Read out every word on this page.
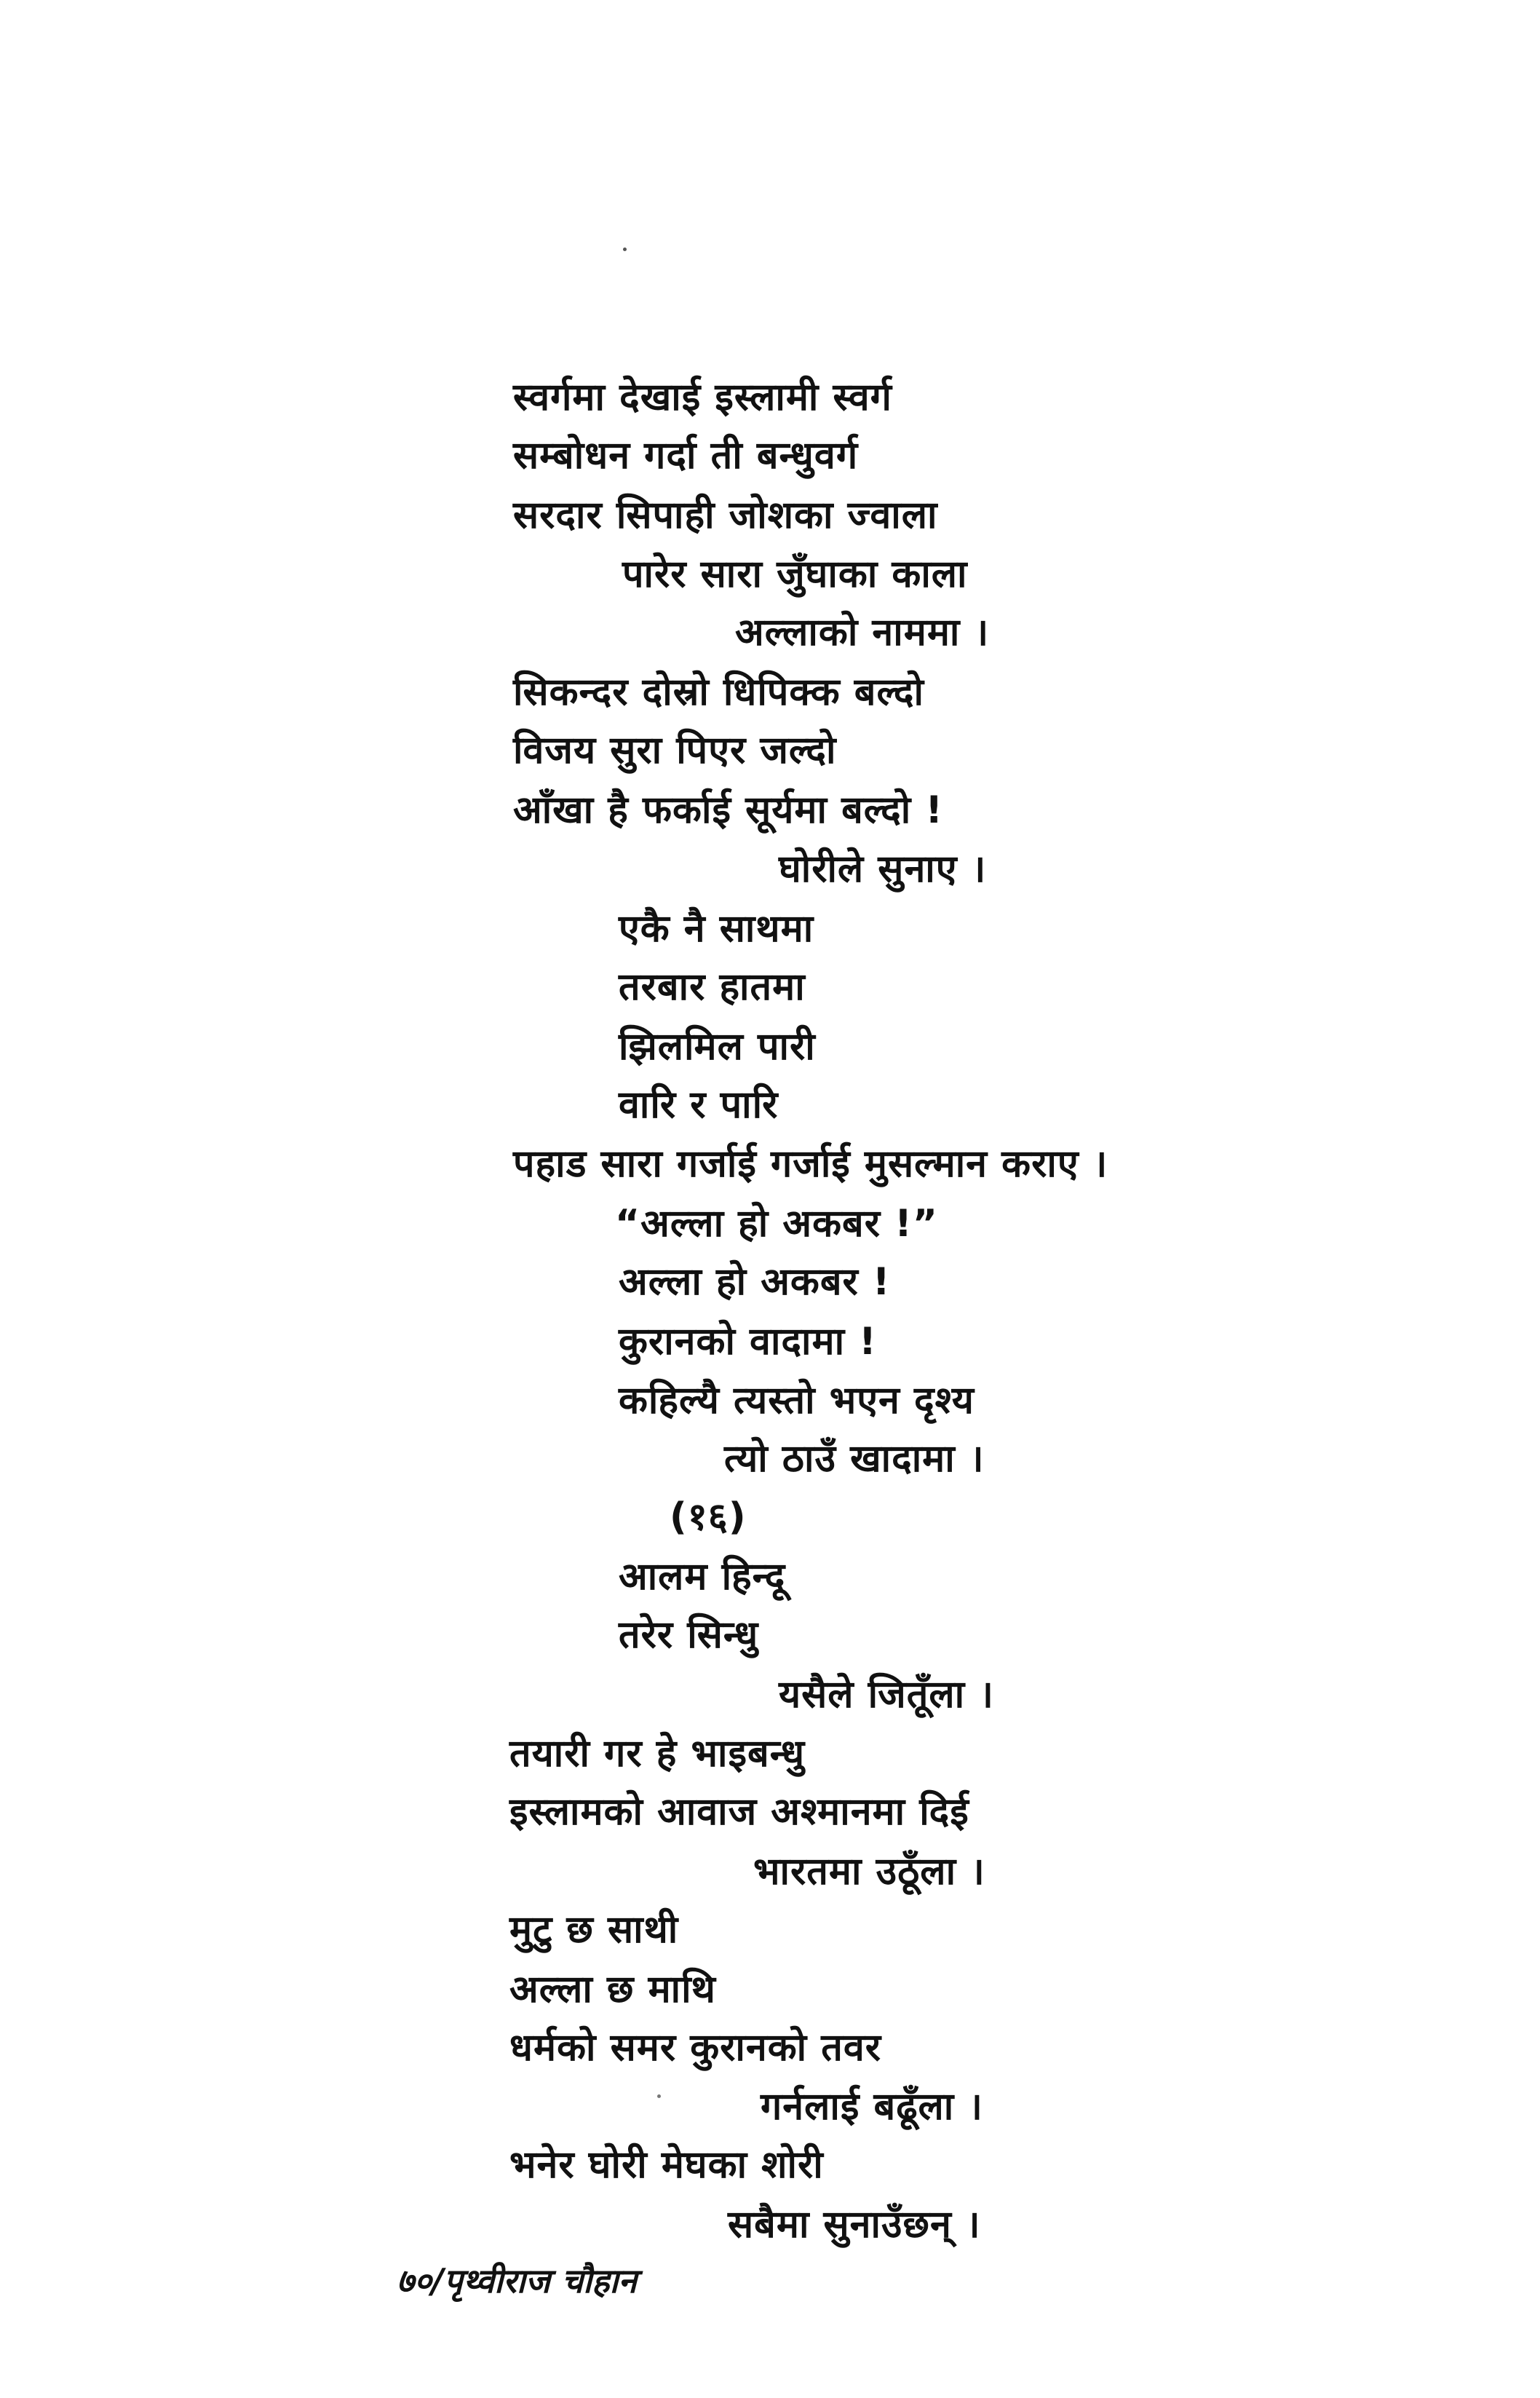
स्वर्गमा देखाई इस्लामी स्वर्ग
सम्बोधन गर्दा ती बन्धुवर्ग
सरदार सिपाही जोशका ज्वाला
पारेर सारा जुँघाका काला
अल्लाको नाममा ।
सिकन्दर दोस्रो धिपिक्क बल्दो
विजय सुरा पिएर जल्दो
आँखा है फर्काई सूर्यमा बल्दो !
घोरीले सुनाए ।
एकै नै साथमा
तरबार हातमा
झिलमिल पारी
वारि र पारि
पहाड सारा गर्जाई गर्जाई मुसल्मान कराए ।
“अल्ला हो अकबर !”
अल्ला हो अकबर !
कुरानको वादामा !
कहिल्यै त्यस्तो भएन दृश्य
त्यो ठाउँ खादामा ।
(१६)
आलम हिन्दू
तरेर सिन्धु
यसैले जितूँला ।
तयारी गर हे भाइबन्धु
इस्लामको आवाज अश्मानमा दिई
भारतमा उठूँला ।
मुटु छ साथी
अल्ला छ माथि
धर्मको समर कुरानको तवर
गर्नलाई बढूँला ।
भनेर घोरी मेघका शोरी
सबैमा सुनाउँछन् ।
७०/पृथ्वीराज चौहान
